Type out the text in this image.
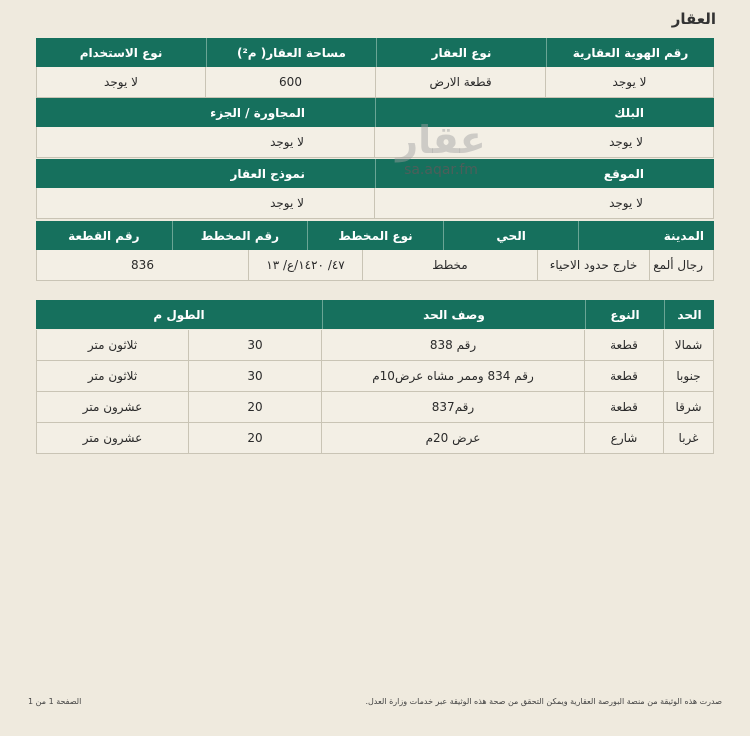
العقار
رقم الهوية العقارية
نوع العقار
مساحة العقار( م²)
نوع الاستخدام
لا يوجد
قطعة الارض
600
لا يوجد
البلك
المجاورة / الجزء
لا يوجد
لا يوجد
الموقع
نموذج العقار
لا يوجد
لا يوجد
عقار
sa.aqar.fm
المدينة
الحي
نوع المخطط
رقم المخطط
رقم القطعة
رجال ألمع
خارج حدود الاحياء
مخطط
٤٧/ ١٤٢٠/ع/ ١٣
836
الحد
النوع
وصف الحد
الطول م
شمالا
قطعة
رقم 838
30
ثلاثون متر
جنوبا
قطعة
رقم 834 وممر مشاه عرض10م
30
ثلاثون متر
شرقا
قطعة
رقم837
20
عشرون متر
غربا
شارع
عرض 20م
20
عشرون متر
صدرت هذه الوثيقة من منصة البورصة العقارية ويمكن التحقق من صحة هذه الوثيقة عبر خدمات وزارة العدل.
الصفحة 1 من 1
